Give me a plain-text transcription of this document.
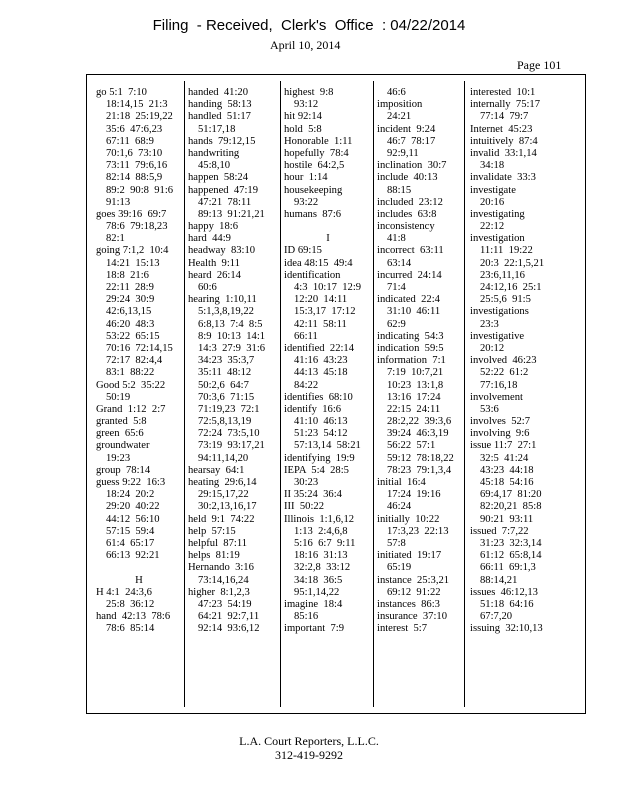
Filing  - Received,  Clerk's  Office  : 04/22/2014
April 10, 2014
Page 101
go 5:1  7:10
18:14,15  21:3
21:18  25:19,22
35:6  47:6,23
67:11  68:9
70:1,6  73:10
73:11  79:6,16
82:14  88:5,9
89:2  90:8  91:6
91:13
goes 39:16  69:7
78:6  79:18,23
82:1
going 7:1,2  10:4
14:21  15:13
18:8  21:6
22:11  28:9
29:24  30:9
42:6,13,15
46:20  48:3
53:22  65:15
70:16  72:14,15
72:17  82:4,4
83:1  88:22
Good 5:2  35:22
50:19
Grand  1:12  2:7
granted  5:8
green  65:6
groundwater
19:23
group  78:14
guess 9:22  16:3
18:24  20:2
29:20  40:22
44:12  56:10
57:15  59:4
61:4  65:17
66:13  92:21
H
H 4:1  24:3,6
25:8  36:12
hand  42:13  78:6
78:6  85:14
handed  41:20
handing  58:13
handled  51:17
51:17,18
hands  79:12,15
handwriting
45:8,10
happen  58:24
happened  47:19
47:21  78:11
89:13  91:21,21
happy  18:6
hard  44:9
headway  83:10
Health  9:11
heard  26:14
60:6
hearing  1:10,11
5:1,3,8,19,22
6:8,13  7:4  8:5
8:9  10:13  14:1
14:3  27:9  31:6
34:23  35:3,7
35:11  48:12
50:2,6  64:7
70:3,6  71:15
71:19,23  72:1
72:5,8,13,19
72:24  73:5,10
73:19  93:17,21
94:11,14,20
hearsay  64:1
heating  29:6,14
29:15,17,22
30:2,13,16,17
held  9:1  74:22
help  57:15
helpful  87:11
helps  81:19
Hernando  3:16
73:14,16,24
higher  8:1,2,3
47:23  54:19
64:21  92:7,11
92:14  93:6,12
highest  9:8
93:12
hit 92:14
hold  5:8
Honorable  1:11
hopefully  78:4
hostile  64:2,5
hour  1:14
housekeeping
93:22
humans  87:6
I
ID 69:15
idea 48:15  49:4
identification
4:3  10:17  12:9
12:20  14:11
15:3,17  17:12
42:11  58:11
66:11
identified  22:14
41:16  43:23
44:13  45:18
84:22
identifies  68:10
identify  16:6
41:10  46:13
51:23  54:12
57:13,14  58:21
identifying  19:9
IEPA  5:4  28:5
30:23
II 35:24  36:4
III  50:22
Illinois  1:1,6,12
1:13  2:4,6,8
5:16  6:7  9:11
18:16  31:13
32:2,8  33:12
34:18  36:5
95:1,14,22
imagine  18:4
85:16
important  7:9
46:6
imposition
24:21
incident  9:24
46:7  78:17
92:9,11
inclination  30:7
include  40:13
88:15
included  23:12
includes  63:8
inconsistency
41:8
incorrect  63:11
63:14
incurred  24:14
71:4
indicated  22:4
31:10  46:11
62:9
indicating  54:3
indication  59:5
information  7:1
7:19  10:7,21
10:23  13:1,8
13:16  17:24
22:15  24:11
28:2,22  39:3,6
39:24  46:3,19
56:22  57:1
59:12  78:18,22
78:23  79:1,3,4
initial  16:4
17:24  19:16
46:24
initially  10:22
17:3,23  22:13
57:8
initiated  19:17
65:19
instance  25:3,21
69:12  91:22
instances  86:3
insurance  37:10
interest  5:7
interested  10:1
internally  75:17
77:14  79:7
Internet  45:23
intuitively  87:4
invalid  33:1,14
34:18
invalidate  33:3
investigate
20:16
investigating
22:12
investigation
11:11  19:22
20:3  22:1,5,21
23:6,11,16
24:12,16  25:1
25:5,6  91:5
investigations
23:3
investigative
20:12
involved  46:23
52:22  61:2
77:16,18
involvement
53:6
involves  52:7
involving  9:6
issue 11:7  27:1
32:5  41:24
43:23  44:18
45:18  54:16
69:4,17  81:20
82:20,21  85:8
90:21  93:11
issued  7:7,22
31:23  32:3,14
61:12  65:8,14
66:11  69:1,3
88:14,21
issues  46:12,13
51:18  64:16
67:7,20
issuing  32:10,13
L.A. Court Reporters, L.L.C.
312-419-9292
